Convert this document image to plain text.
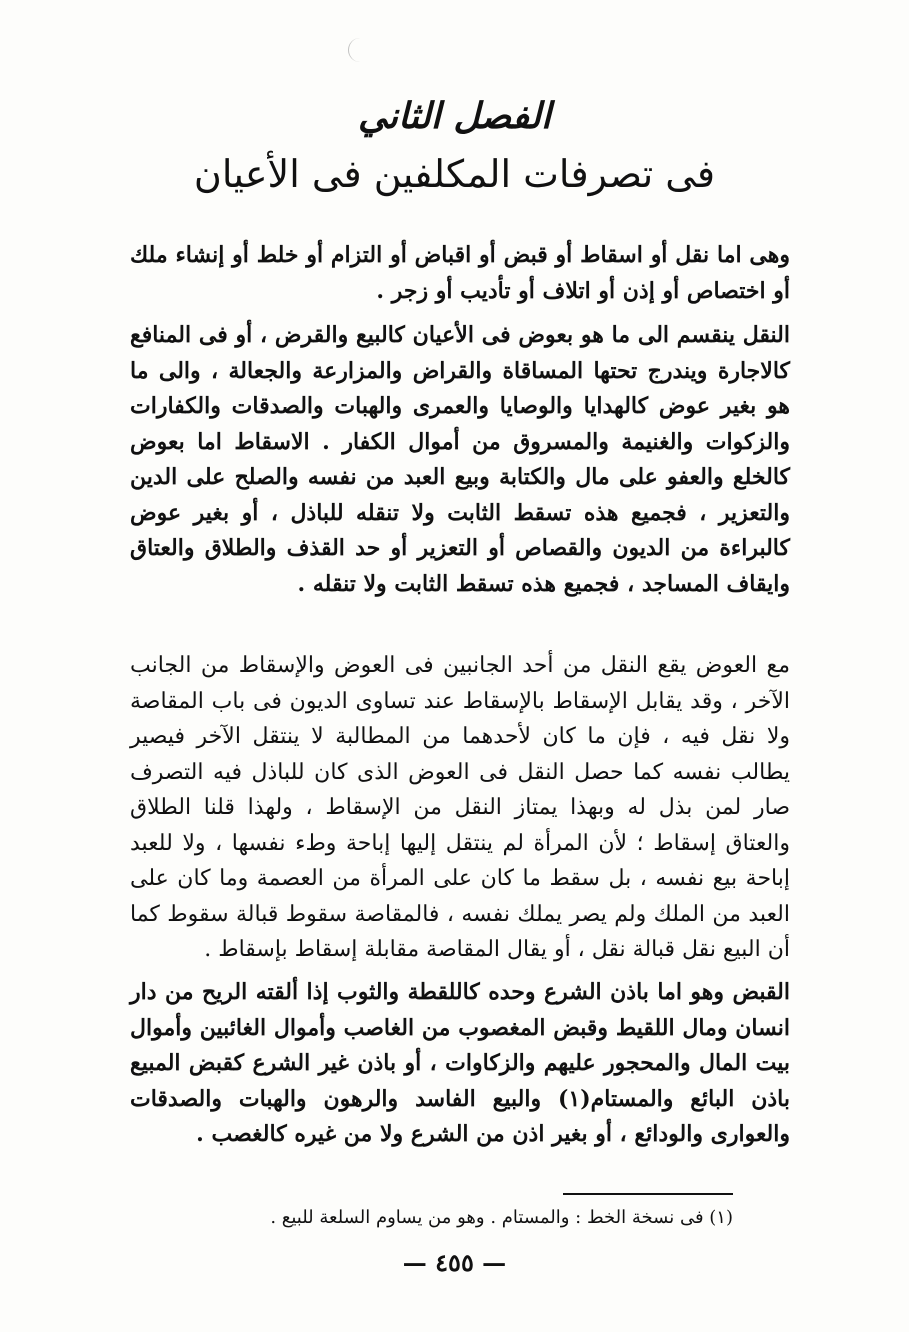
الفصل الثاني
فى تصرفات المكلفين فى الأعيان

وهى اما نقل أو اسقاط أو قبض أو اقباض أو التزام أو خلط أو إنشاء ملك أو اختصاص أو إذن أو اتلاف أو تأديب أو زجر .

النقل ينقسم الى ما هو بعوض فى الأعيان كالبيع والقرض ، أو فى المنافع كالاجارة ويندرج تحتها المساقاة والقراض والمزارعة والجعالة ، والى ما هو بغير عوض كالهدايا والوصايا والعمرى والهبات والصدقات والكفارات والزكوات والغنيمة والمسروق من أموال الكفار . الاسقاط اما بعوض كالخلع والعفو على مال والكتابة وبيع العبد من نفسه والصلح على الدين والتعزير ، فجميع هذه تسقط الثابت ولا تنقله للباذل ، أو بغير عوض كالبراءة من الديون والقصاص أو التعزير أو حد القذف والطلاق والعتاق وايقاف المساجد ، فجميع هذه تسقط الثابت ولا تنقله .

مع العوض يقع النقل من أحد الجانبين فى العوض والإسقاط من الجانب الآخر ، وقد يقابل الإسقاط بالإسقاط عند تساوى الديون فى باب المقاصة ولا نقل فيه ، فإن ما كان لأحدهما من المطالبة لا ينتقل الآخر فيصير يطالب نفسه كما حصل النقل فى العوض الذى كان للباذل فيه التصرف صار لمن بذل له وبهذا يمتاز النقل من الإسقاط ، ولهذا قلنا الطلاق والعتاق إسقاط ؛ لأن المرأة لم ينتقل إليها إباحة وطء نفسها ، ولا للعبد إباحة بيع نفسه ، بل سقط ما كان على المرأة من العصمة وما كان على العبد من الملك ولم يصر يملك نفسه ، فالمقاصة سقوط قبالة سقوط كما أن البيع نقل قبالة نقل ، أو يقال المقاصة مقابلة إسقاط بإسقاط .

القبض وهو اما باذن الشرع وحده كاللقطة والثوب إذا ألقته الريح من دار انسان ومال اللقيط وقبض المغصوب من الغاصب وأموال الغائبين وأموال بيت المال والمحجور عليهم والزكاوات ، أو باذن غير الشرع كقبض المبيع باذن البائع والمستام(١) والبيع الفاسد والرهون والهبات والصدقات والعوارى والودائع ، أو بغير اذن من الشرع ولا من غيره كالغصب .

(١) فى نسخة الخط : والمستام . وهو من يساوم السلعة للبيع .
— ٤٥٥ —
